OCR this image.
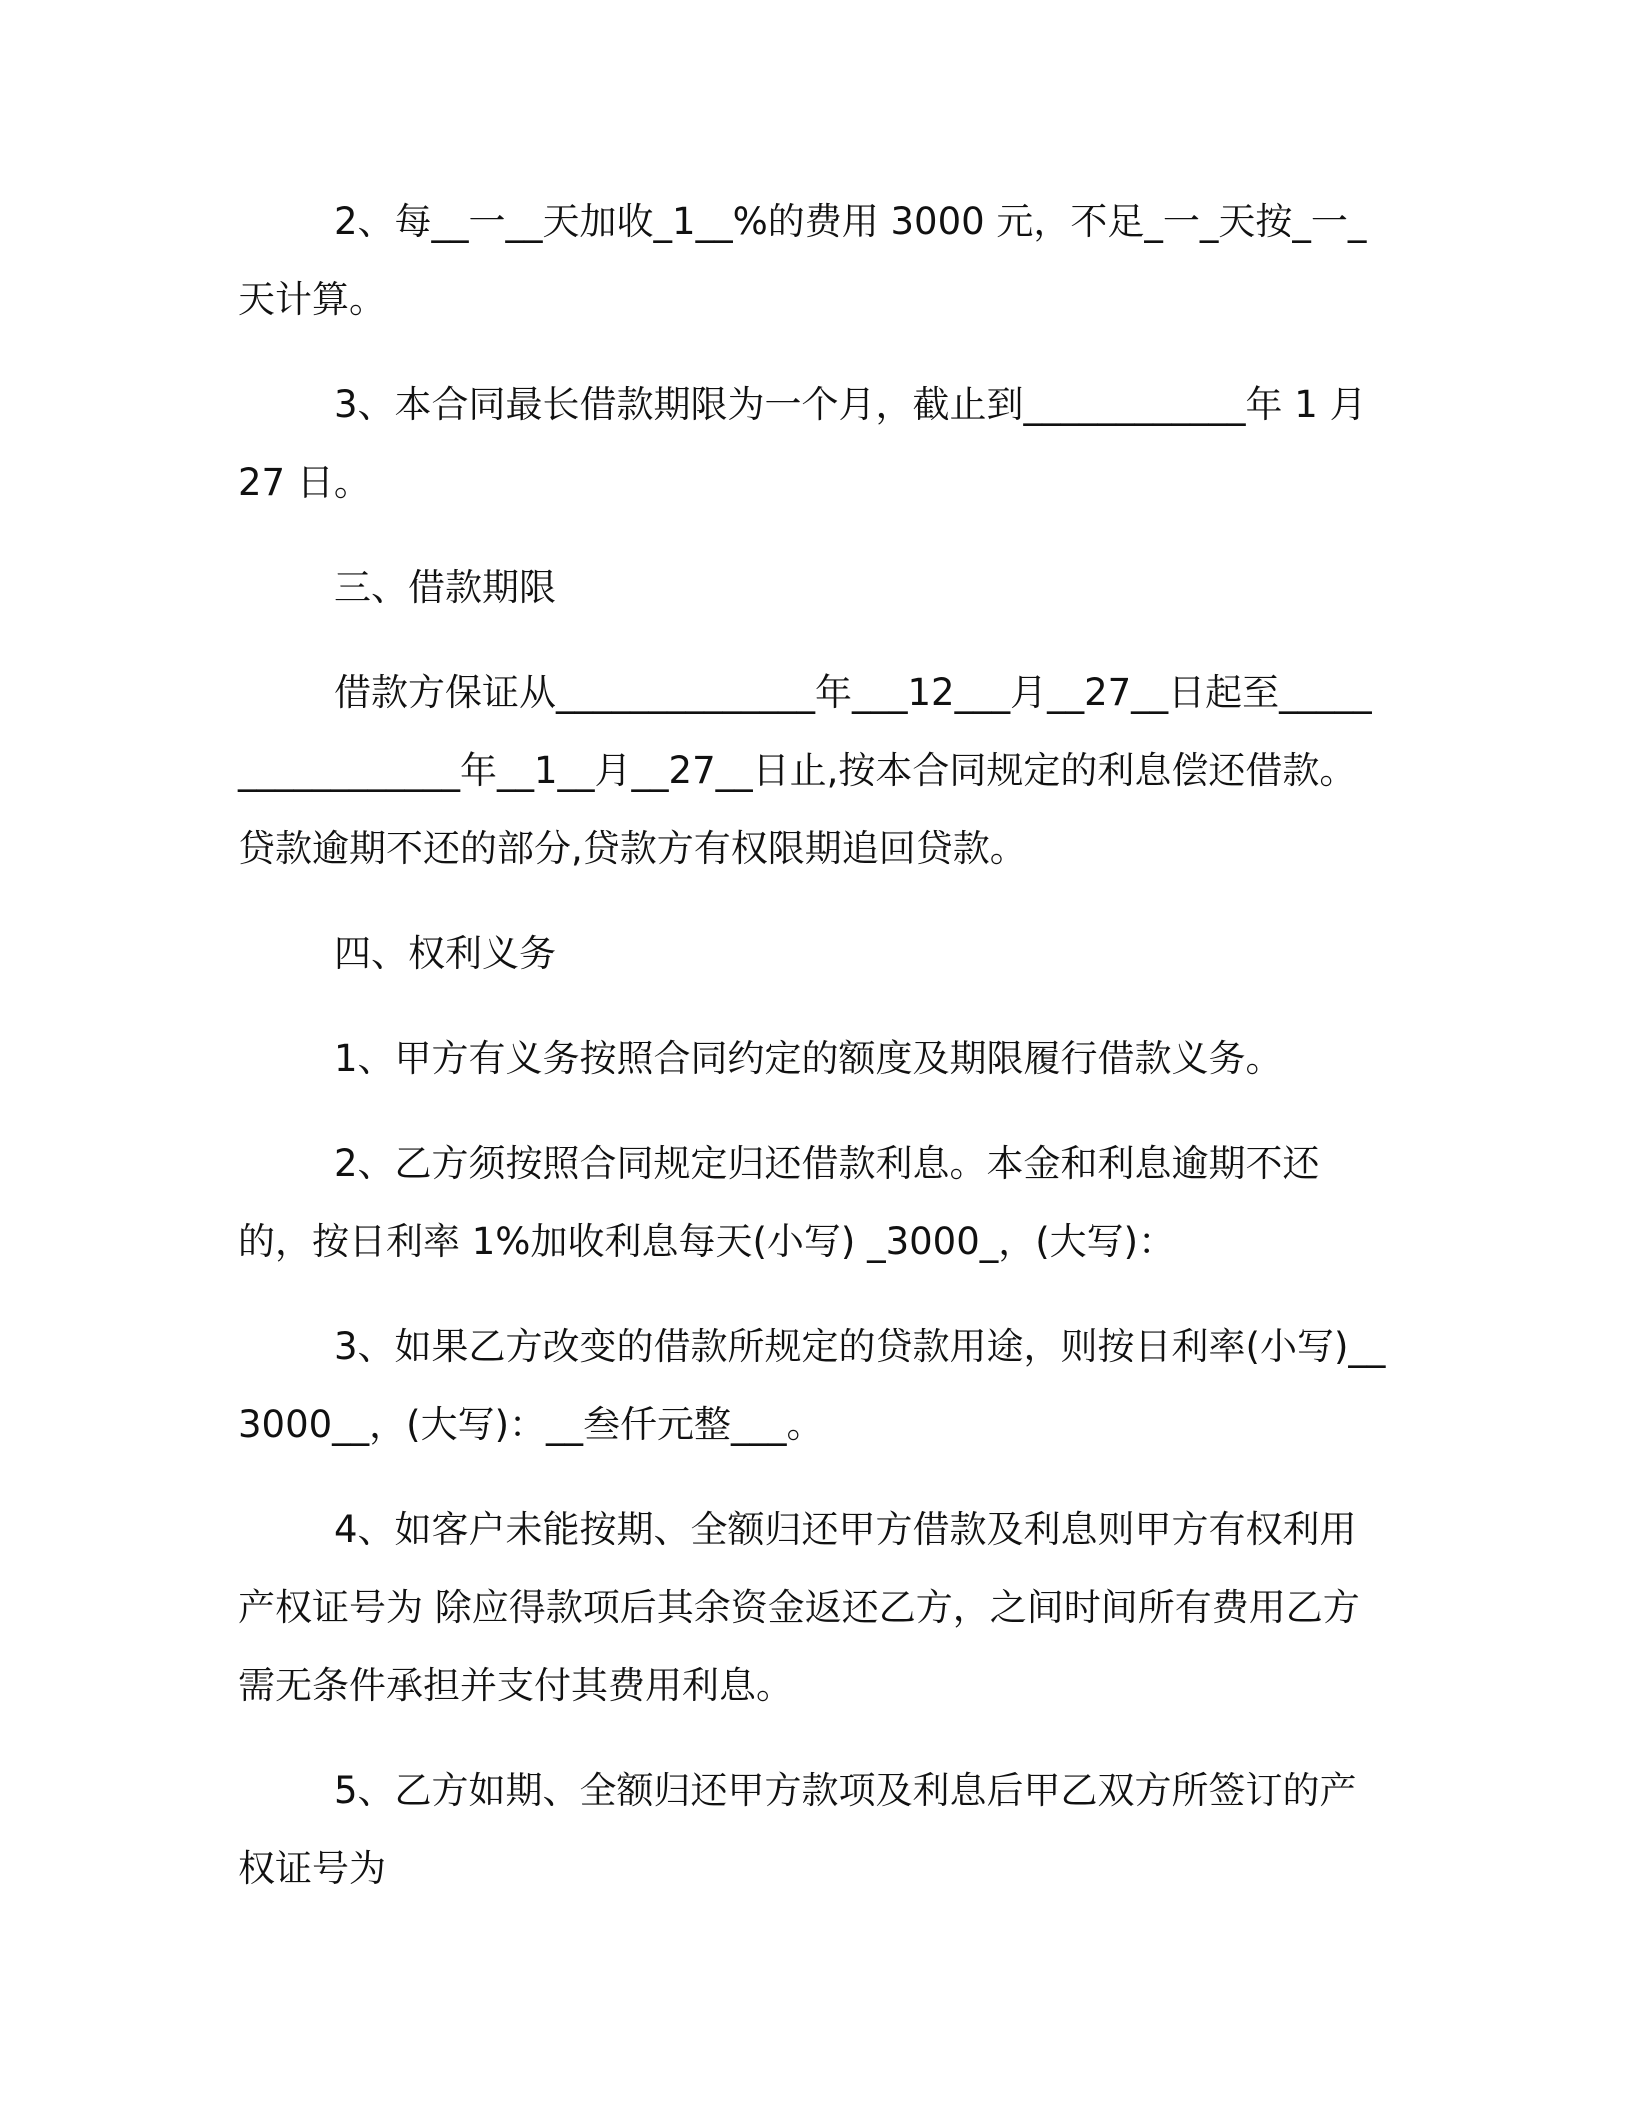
2、每__一__天加收_1__%的费用 3000 元，不足_一_天按_一_天计算。

3、本合同最长借款期限为一个月，截止到____________年 1 月 27 日。

三、借款期限

借款方保证从______________年___12___月__27__日起至_________________年__1__月__27__日止,按本合同规定的利息偿还借款。贷款逾期不还的部分,贷款方有权限期追回贷款。

四、权利义务

1、甲方有义务按照合同约定的额度及期限履行借款义务。

2、乙方须按照合同规定归还借款利息。本金和利息逾期不还的，按日利率 1%加收利息每天(小写) _3000_，(大写)：

3、如果乙方改变的借款所规定的贷款用途，则按日利率(小写)__3000__，(大写)：__叁仟元整___。

4、如客户未能按期、全额归还甲方借款及利息则甲方有权利用产权证号为 除应得款项后其余资金返还乙方，之间时间所有费用乙方需无条件承担并支付其费用利息。

5、乙方如期、全额归还甲方款项及利息后甲乙双方所签订的产权证号为
